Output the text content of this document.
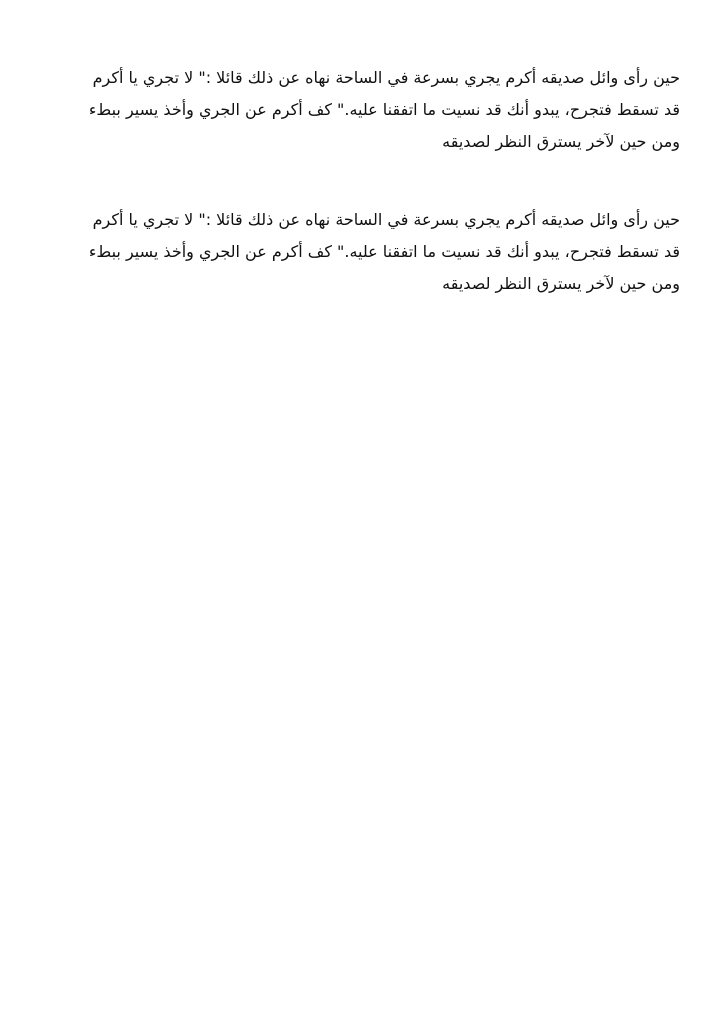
حين رأى وائل صديقه أكرم يجري بسرعة في الساحة نهاه عن ذلك قائلا :" لا تجري يا أكرم
قد تسقط فتجرح، يبدو أنك قد نسيت ما اتفقنا عليه." كف أكرم عن الجري وأخذ يسير ببطء
ومن حين لآخر يسترق النظر لصديقه
حين رأى وائل صديقه أكرم يجري بسرعة في الساحة نهاه عن ذلك قائلا :" لا تجري يا أكرم
قد تسقط فتجرح، يبدو أنك قد نسيت ما اتفقنا عليه." كف أكرم عن الجري وأخذ يسير ببطء
ومن حين لآخر يسترق النظر لصديقه
